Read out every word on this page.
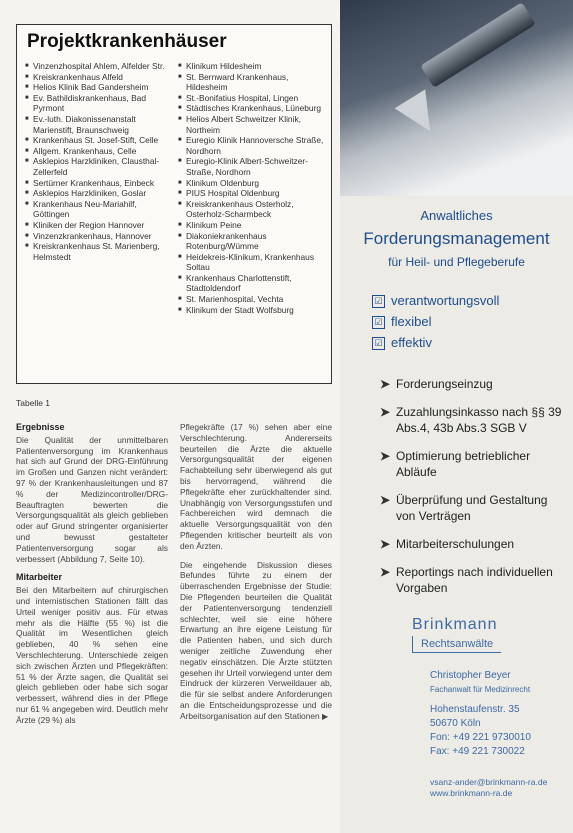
Projektkrankenhäuser
■ Vinzenzhospital Ahlem, Alfelder Str.
■ Kreiskrankenhaus Alfeld
■ Helios Klinik Bad Gandersheim
■ Ev. Bathildiskrankenhaus, Bad Pyrmont
■ Ev.-luth. Diakonissenanstalt Marienstift, Braunschweig
■ Krankenhaus St. Josef-Stift, Celle
■ Allgem. Krankenhaus, Celle
■ Asklepios Harzkliniken, Clausthal-Zellerfeld
■ Sertürner Krankenhaus, Einbeck
■ Asklepios Harzkliniken, Goslar
■ Krankenhaus Neu-Mariahilf, Göttingen
■ Kliniken der Region Hannover
■ Vinzenzkrankenhaus, Hannover
■ Kreiskrankenhaus St. Marienberg, Helmstedt
■ Klinikum Hildesheim
■ St. Bernward Krankenhaus, Hildesheim
■ St.-Bonifatius Hospital, Lingen
■ Städtisches Krankenhaus, Lüneburg
■ Helios Albert Schweitzer Klinik, Northeim
■ Euregio Klinik Hannoversche Straße, Nordhorn
■ Euregio-Klinik Albert-Schweitzer-Straße, Nordhorn
■ Klinikum Oldenburg
■ PIUS Hospital Oldenburg
■ Kreiskrankenhaus Osterholz, Osterholz-Scharmbeck
■ Klinikum Peine
■ Diakoniekrankenhaus Rotenburg/Wümme
■ Heidekreis-Klinikum, Krankenhaus Soltau
■ Krankenhaus Charlottenstift, Stadtoldendorf
■ St. Marienhospital, Vechta
■ Klinikum der Stadt Wolfsburg
Tabelle 1
Ergebnisse

Die Qualität der unmittelbaren Patientenversorgung im Krankenhaus hat sich auf Grund der DRG-Einführung im Großen und Ganzen nicht verändert: 97 % der Krankenhausleitungen und 87 % der Medizincontroller/DRG-Beauftragten bewerten die Versorgungsqualität als gleich geblieben oder auf Grund stringenter organisierter und bewusst gestalteter Patientenversorgung sogar als verbessert (Abbildung 7, Seite 10).

Mitarbeiter

Bei den Mitarbeitern auf chirurgischen und internistischen Stationen fällt das Urteil weniger positiv aus. Für etwas mehr als die Hälfte (55 %) ist die Qualität im Wesentlichen gleich geblieben, 40 % sehen eine Verschlechterung. Unterschiede zeigen sich zwischen Ärzten und Pflegekräften: 51 % der Ärzte sagen, die Qualität sei gleich geblieben oder habe sich sogar verbessert, während dies in der Pflege nur 61 % angegeben wird. Deutlich mehr Ärzte (29 %) als

Pflegekräfte (17 %) sehen aber eine Verschlechterung. Andererseits beurteilen die Ärzte die aktuelle Versorgungsqualität der eigenen Fachabteilung sehr überwiegend als gut bis hervorragend, während die Pflegekräfte eher zurückhaltender sind. Unabhängig von Versorgungsstufen und Fachbereichen wird demnach die aktuelle Versorgungsqualität von den Pflegenden kritischer beurteilt als von den Ärzten.

Die eingehende Diskussion dieses Befundes führte zu einem der überraschenden Ergebnisse der Studie: Die Pflegenden beurteilen die Qualität der Patientenversorgung tendenziell schlechter, weil sie eine höhere Erwartung an ihre eigene Leistung für die Patienten haben, und sich durch weniger zeitliche Zuwendung eher negativ einschätzen. Die Ärzte stützten gesehen ihr Urteil vorwiegend unter dem Eindruck der kürzeren Verweildauer ab, die für sie selbst andere Anforderungen an die Entscheidungsprozesse und die Arbeitsorganisation auf den Stationen ▶

Anwaltliches
Forderungsmanagement
für Heil- und Pflegeberufe
☑ verantwortungsvoll
☑ flexibel
☑ effektiv
➤ Forderungseinzug
➤ Zuzahlungsinkasso nach §§ 39 Abs.4, 43b Abs.3 SGB V
➤ Optimierung betrieblicher Abläufe
➤ Überprüfung und Gestaltung von Verträgen
➤ Mitarbeiterschulungen
➤ Reportings nach individuellen Vorgaben
Brinkmann
Rechtsanwälte
Christopher Beyer
Fachanwalt für Medizinrecht
Hohenstaufenstr. 35
50670 Köln
Fon: +49 221 9730010
Fax: +49 221 730022
vsanz-ander@brinkmann-ra.de
www.brinkmann-ra.de
